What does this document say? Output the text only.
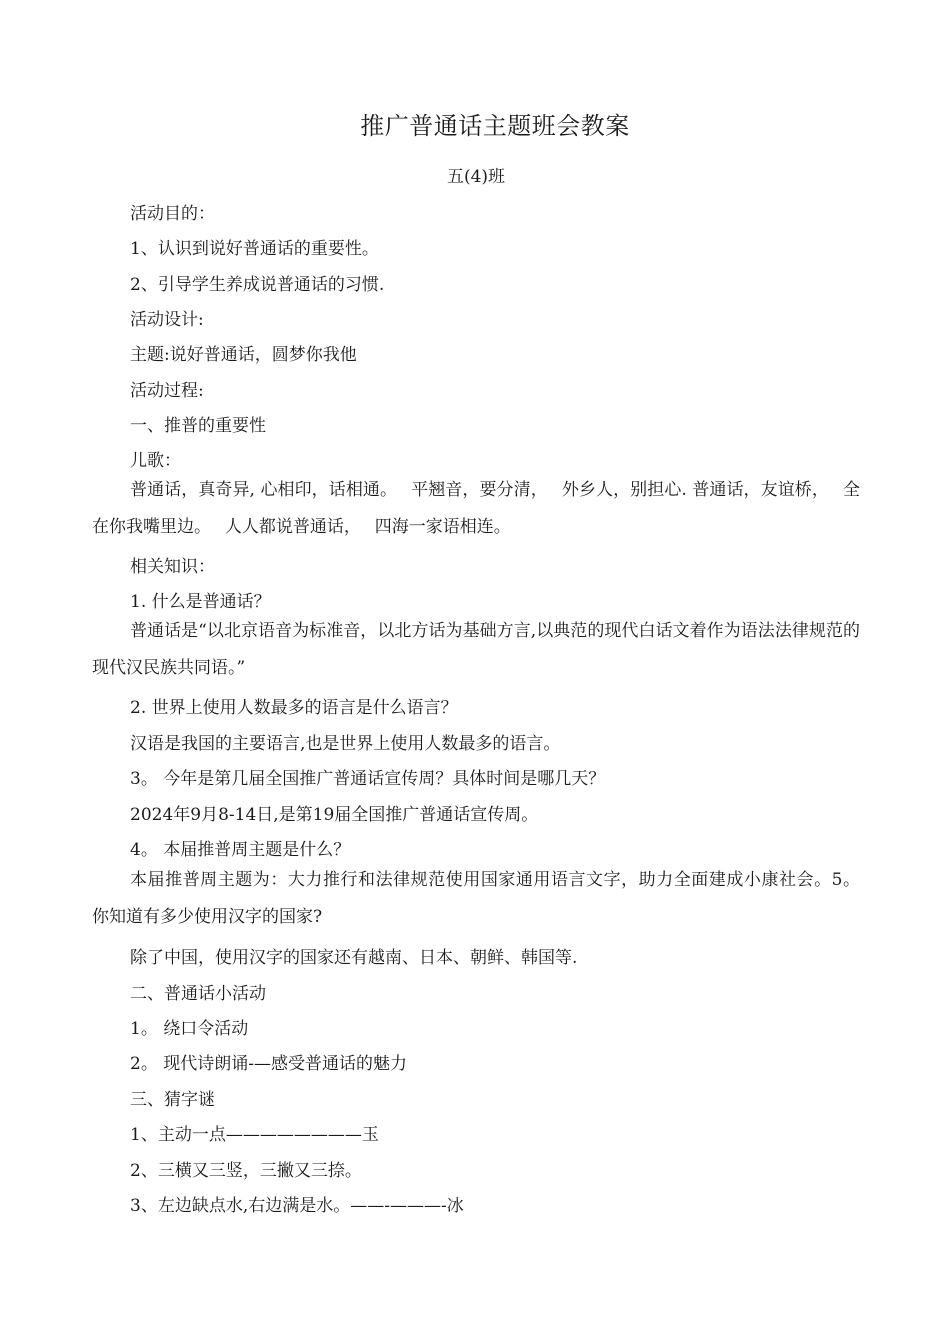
推广普通话主题班会教案
五(4)班
活动目的：
1、认识到说好普通话的重要性。
2、引导学生养成说普通话的习惯.
活动设计:
主题:说好普通话，圆梦你我他
活动过程:
一、推普的重要性
儿歌：
普通话，真奇异, 心相印，话相通。　 平翘音，要分清，　 外乡人，别担心. 普通话，友谊桥，　 全在你我嘴里边。　 人人都说普通话，　 四海一家语相连。
相关知识：
1. 什么是普通话？
普通话是“以北京语音为标准音，以北方话为基础方言,以典范的现代白话文着作为语法法律规范的现代汉民族共同语。”
2. 世界上使用人数最多的语言是什么语言？
汉语是我国的主要语言,也是世界上使用人数最多的语言。
3。 今年是第几届全国推广普通话宣传周？具体时间是哪几天？
2024年9月8-14日,是第19届全国推广普通话宣传周。
4。 本届推普周主题是什么？
本届推普周主题为：大力推行和法律规范使用国家通用语言文字，助力全面建成小康社会。5。 你知道有多少使用汉字的国家?
除了中国，使用汉字的国家还有越南、日本、朝鲜、韩国等.
二、普通话小活动
1。 绕口令活动
2。 现代诗朗诵-—感受普通话的魅力
三、猜字谜
1、主动一点————————玉
2、三横又三竖，三撇又三捺。
3、左边缺点水,右边满是水。——-———-冰
